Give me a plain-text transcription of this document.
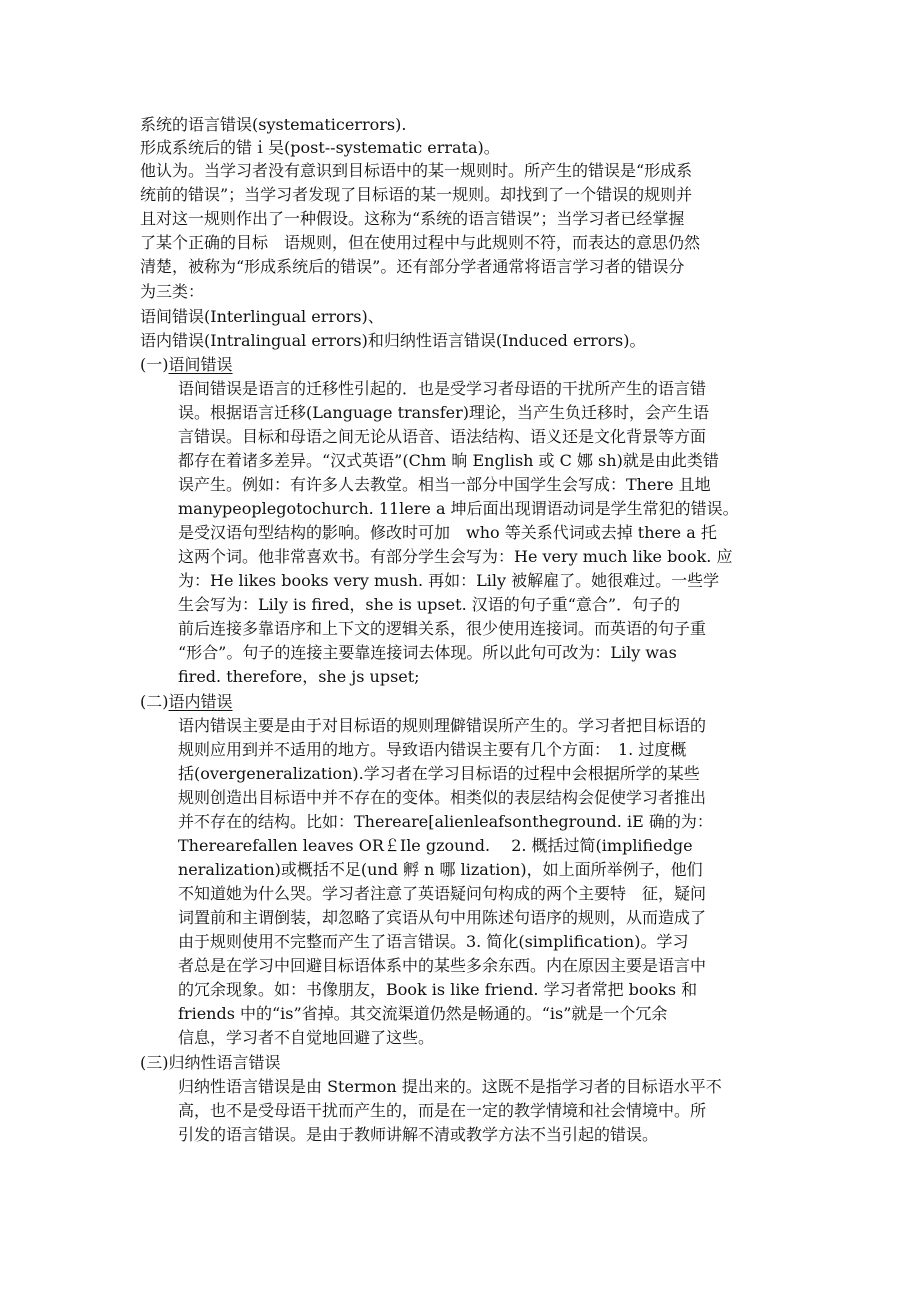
系统的语言错误(systematicerrors).

形成系统后的错ｉ吴(post--systematic errata)。

他认为。当学习者没有意识到目标语中的某一规则时。所产生的错误是“形成系

统前的错误”；当学习者发现了目标语的某一规则。却找到了一个错误的规则并

且对这一规则作出了一种假设。这称为“系统的语言错误”；当学习者已经掌握

了某个正确的目标　语规则，但在使用过程中与此规则不符，而表达的意思仍然

清楚，被称为“形成系统后的错误”。还有部分学者通常将语言学习者的错误分

为三类：

语间错误(Interlingual errors)、

语内错误(Intralingual errors)和归纳性语言错误(Induced errors)。

(一)语间错误

语间错误是语言的迁移性引起的．也是受学习者母语的干扰所产生的语言错

误。根据语言迁移(Language transfer)理论，当产生负迁移时，会产生语

言错误。目标和母语之间无论从语音、语法结构、语义还是文化背景等方面

都存在着诸多差异。“汉式英语”(Chm 晌 English 或 C 娜 sh)就是由此类错

误产生。例如：有许多人去教堂。相当一部分中国学生会写成：There 且地

manypeoplegotochurch. 11lere a 坤后面出现谓语动词是学生常犯的错误。

是受汉语句型结构的影响。修改时可加　who 等关系代词或去掉 there a 托

这两个词。他非常喜欢书。有部分学生会写为：He very much like book. 应

为：He likes books very mush. 再如：Lily 被解雇了。她很难过。一些学

生会写为：Lily is fired，she is upset. 汉语的句子重“意合”．句子的

前后连接多靠语序和上下文的逻辑关系，很少使用连接词。而英语的句子重

“形合”。句子的连接主要靠连接词去体现。所以此句可改为：Lily was

fired. therefore，she js upset;

(二)语内错误

语内错误主要是由于对目标语的规则理僻错误所产生的。学习者把目标语的

规则应用到并不适用的地方。导致语内错误主要有几个方面：　1. 过度概

括(overgeneralization).学习者在学习目标语的过程中会根据所学的某些

规则创造出目标语中并不存在的变体。相类似的表层结构会促使学习者推出

并不存在的结构。比如：Thereare[alienleafsontheground. iE 确的为：

Therearefallen leaves OR￡Ile gzound.　 2. 概括过简(implifiedge

neralization)或概括不足(und 孵 n 哪 lization)，如上面所举例子，他们

不知道她为什么哭。学习者注意了英语疑问句构成的两个主要特　征，疑问

词置前和主谓倒装，却忽略了宾语从句中用陈述句语序的规则，从而造成了

由于规则使用不完整而产生了语言错误。3. 简化(simplification)。学习

者总是在学习中回避目标语体系中的某些多余东西。内在原因主要是语言中

的冗余现象。如：书像朋友，Book is like friend. 学习者常把 books 和

friends 中的“is”省掉。其交流渠道仍然是畅通的。“is”就是一个冗余

信息，学习者不自觉地回避了这些。

(三)归纳性语言错误

归纳性语言错误是由 Stermon 提出来的。这既不是指学习者的目标语水平不

高，也不是受母语干扰而产生的，而是在一定的教学情境和社会情境中。所

引发的语言错误。是由于教师讲解不清或教学方法不当引起的错误。
